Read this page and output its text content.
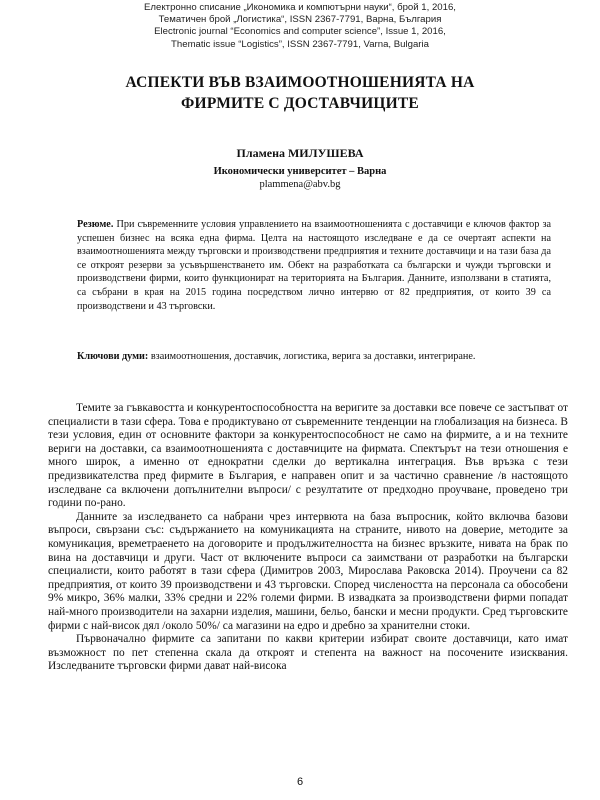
Електронно списание „Икономика и компютърни науки“, брой 1, 2016,
Тематичен брой „Логистика“, ISSN 2367-7791, Варна, България
Electronic journal “Economics and computer science”, Issue 1, 2016,
Thematic issue “Logistics”, ISSN 2367-7791, Varna, Bulgaria
АСПЕКТИ ВЪВ ВЗАИМООТНОШЕНИЯТА НА
ФИРМИТЕ С ДОСТАВЧИЦИТЕ
Пламена МИЛУШЕВА
Икономически университет – Варна
plammena@abv.bg
Резюме. При съвременните условия управлението на взаимоотношенията с доставчици е ключов фактор за успешен бизнес на всяка една фирма. Целта на настоящото изследване е да се очертаят аспекти на взаимоотношенията между търговски и производствени предприятия и техните доставчици и на тази база да се откроят резерви за усъвършенстването им. Обект на разработката са български и чужди търговски и производствени фирми, които функционират на територията на България. Данните, използвани в статията, са събрани в края на 2015 година посредством лично интервю от 82 предприятия, от които 39 са производствени и 43 търговски.
Ключови думи: взаимоотношения, доставчик, логистика, верига за доставки, интегриране.

Темите за гъвкавостта и конкурентоспособността на веригите за доставки все повече се застъпват от специалисти в тази сфера. Това е продиктувано от съвременните тенденции на глобализация на бизнеса. В тези условия, един от основните фактори за конкурентоспособност не само на фирмите, а и на техните вериги на доставки, са взаимоотношенията с доставчиците на фирмата. Спектърът на тези отношения е много широк, а именно от еднократни сделки до вертикална интеграция. Във връзка с тези предизвикателства пред фирмите в България, е направен опит и за частично сравнение /в настоящото изследване са включени допълнителни въпроси/ с резултатите от предходно проучване, проведено три години по-рано.

Данните за изследването са набрани чрез интервюта на база въпросник, който включва базови въпроси, свързани със: съдържанието на комуникацията на страните, нивото на доверие, методите за комуникация, времетраенето на договорите и продължителността на бизнес връзките, нивата на брак по вина на доставчици и други. Част от включените въпроси са заимствани от разработки на български специалисти, които работят в тази сфера (Димитров 2003, Мирослава Раковска 2014). Проучени са 82 предприятия, от които 39 производствени и 43 търговски. Според числеността на персонала са обособени 9% микро, 36% малки, 33% средни и 22% големи фирми. В извадката за производствени фирми попадат най-много производители на захарни изделия, машини, бельо, бански и месни продукти. Сред търговските фирми с най-висок дял /около 50%/ са магазини на едро и дребно за хранителни стоки.

Първоначално фирмите са запитани по какви критерии избират своите доставчици, като имат възможност по пет степенна скала да откроят и степента на важност на посочените изисквания. Изследваните търговски фирми дават най-висока

6
